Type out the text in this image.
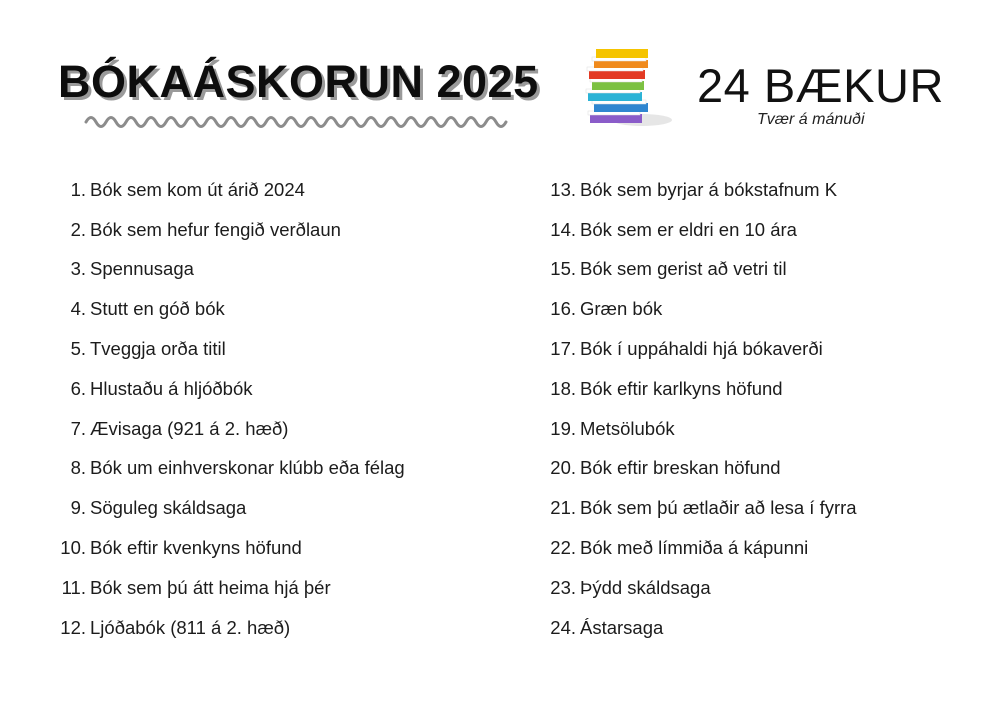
BÓKAÁSKORUN 2025	24 BÆKUR
Tvær á mánuði
1. Bók sem kom út árið 2024
2. Bók sem hefur fengið verðlaun
3. Spennusaga
4. Stutt en góð bók
5. Tveggja orða titil
6. Hlustaðu á hljóðbók
7. Ævisaga (921 á 2. hæð)
8. Bók um einhverskonar klúbb eða félag
9. Söguleg skáldsaga
10. Bók eftir kvenkyns höfund
11. Bók sem þú átt heima hjá þér
12. Ljóðabók (811 á 2. hæð)
13. Bók sem byrjar á bókstafnum K
14. Bók sem er eldri en 10 ára
15. Bók sem gerist að vetri til
16. Græn bók
17. Bók í uppáhaldi hjá bókaverði
18. Bók eftir karlkyns höfund
19. Metsölubók
20. Bók eftir breskan höfund
21. Bók sem þú ætlaðir að lesa í fyrra
22. Bók með límmiða á kápunni
23. Þýdd skáldsaga
24. Ástarsaga
